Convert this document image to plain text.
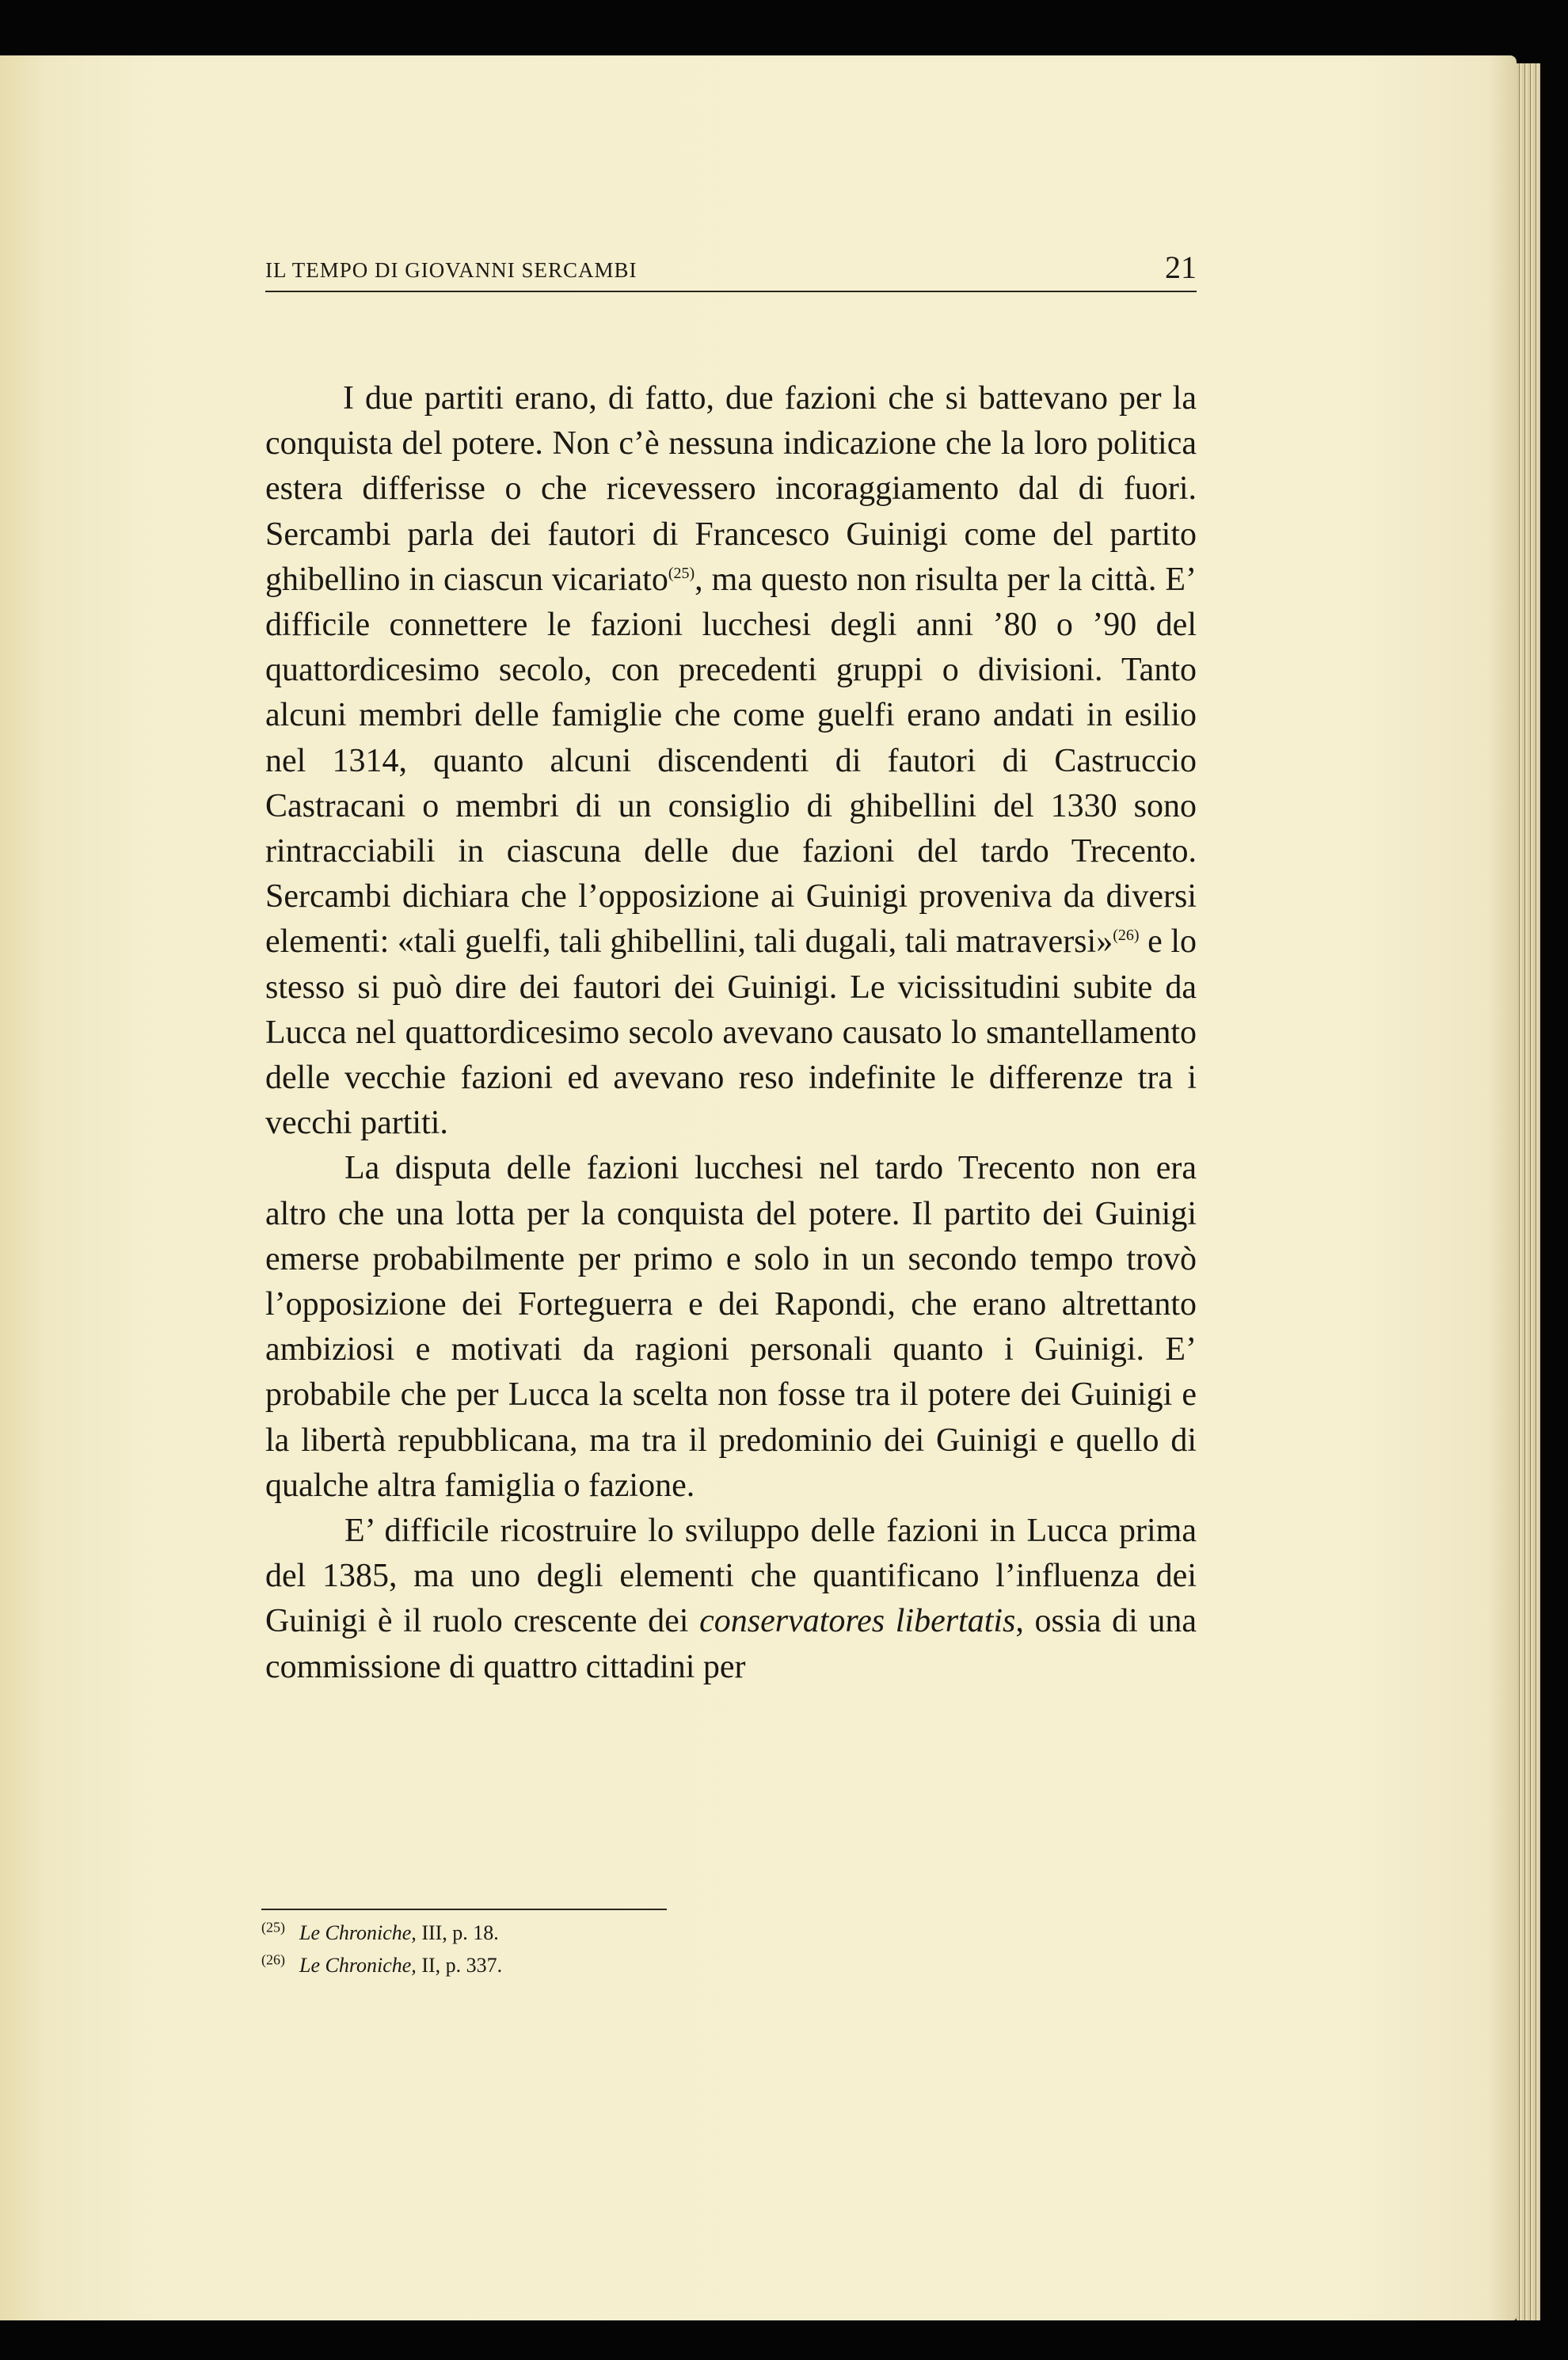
IL TEMPO DI GIOVANNI SERCAMBI	21

I due partiti erano, di fatto, due fazioni che si battevano per la conquista del potere. Non c’è nessuna indicazione che la loro politica estera differisse o che ricevessero incoraggiamento dal di fuori. Sercambi parla dei fautori di Francesco Guinigi come del partito ghibellino in ciascun vicariato$^{(25)}$, ma questo non risulta per la città. E’ difficile connettere le fazioni lucchesi degli anni ’80 o ’90 del quattordicesimo secolo, con precedenti gruppi o divisioni. Tanto alcuni membri delle famiglie che come guelfi erano andati in esilio nel 1314, quanto alcuni discendenti di fautori di Castruccio Castracani o membri di un consiglio di ghibellini del 1330 sono rintracciabili in ciascuna delle due fazioni del tardo Trecento. Sercambi dichiara che l’opposizione ai Guinigi proveniva da diversi elementi: «tali guelfi, tali ghibellini, tali dugali, tali matraversi»$^{(26)}$ e lo stesso si può dire dei fautori dei Guinigi. Le vicissitudini subite da Lucca nel quattordicesimo secolo avevano causato lo smantellamento delle vecchie fazioni ed avevano reso indefinite le differenze tra i vecchi partiti.

La disputa delle fazioni lucchesi nel tardo Trecento non era altro che una lotta per la conquista del potere. Il partito dei Guinigi emerse probabilmente per primo e solo in un secondo tempo trovò l’opposizione dei Forteguerra e dei Rapondi, che erano altrettanto ambiziosi e motivati da ragioni personali quanto i Guinigi. E’ probabile che per Lucca la scelta non fosse tra il potere dei Guinigi e la libertà repubblicana, ma tra il predominio dei Guinigi e quello di qualche altra famiglia o fazione.

E’ difficile ricostruire lo sviluppo delle fazioni in Lucca prima del 1385, ma uno degli elementi che quantificano l’influenza dei Guinigi è il ruolo crescente dei conservatores libertatis, ossia di una commissione di quattro cittadini per

$^{(25)}$ Le Chroniche, III, p. 18.

$^{(26)}$ Le Chroniche, II, p. 337.
